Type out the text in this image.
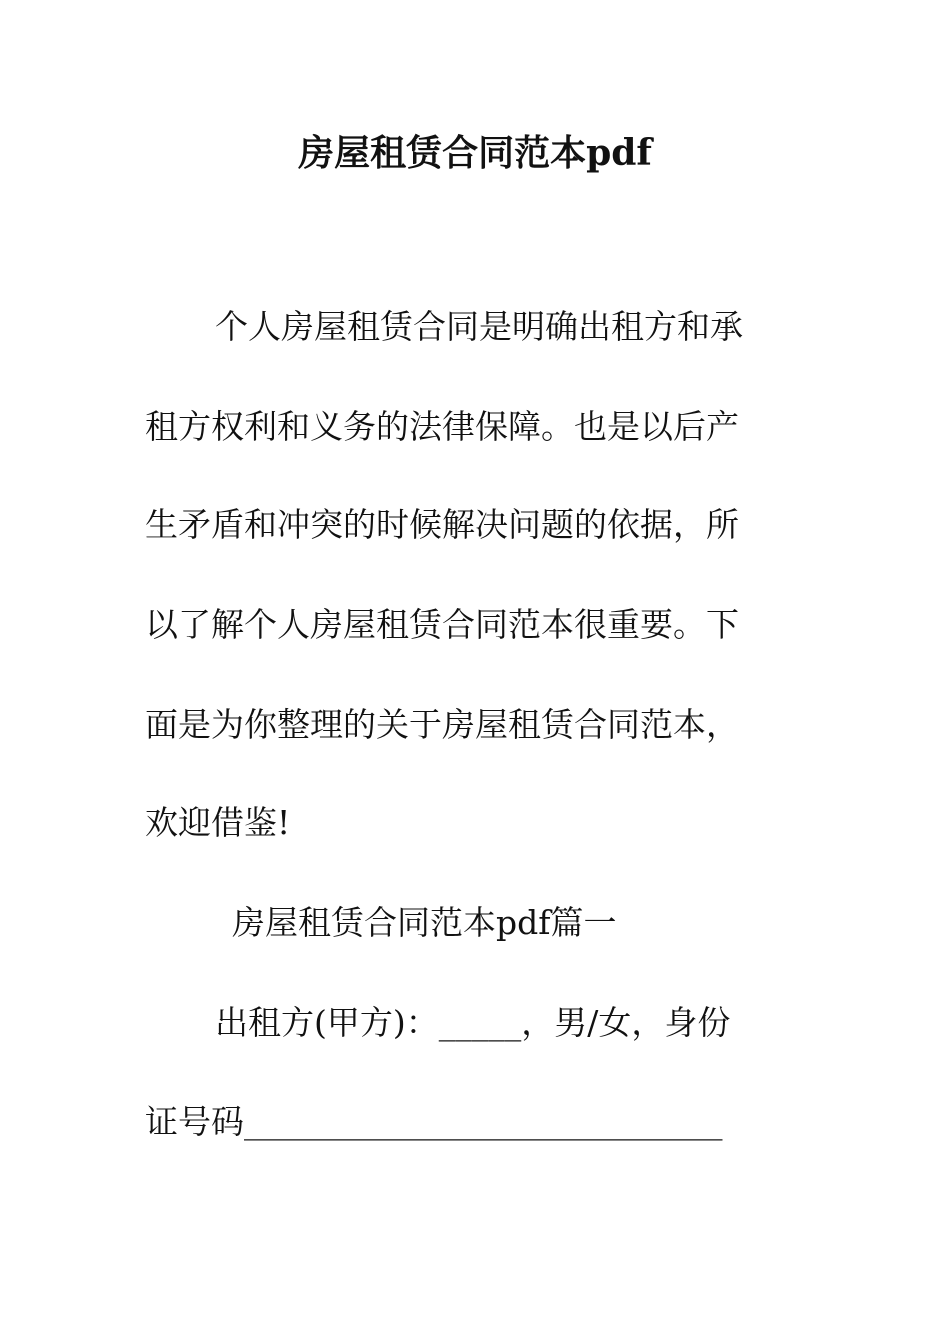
房屋租赁合同范本pdf
个人房屋租赁合同是明确出租方和承
租方权利和义务的法律保障。也是以后产
生矛盾和冲突的时候解决问题的依据，所
以了解个人房屋租赁合同范本很重要。下
面是为你整理的关于房屋租赁合同范本，
欢迎借鉴!
房屋租赁合同范本pdf篇一
出租方(甲方)：_____，男/女，身份
证号码_____________________________
